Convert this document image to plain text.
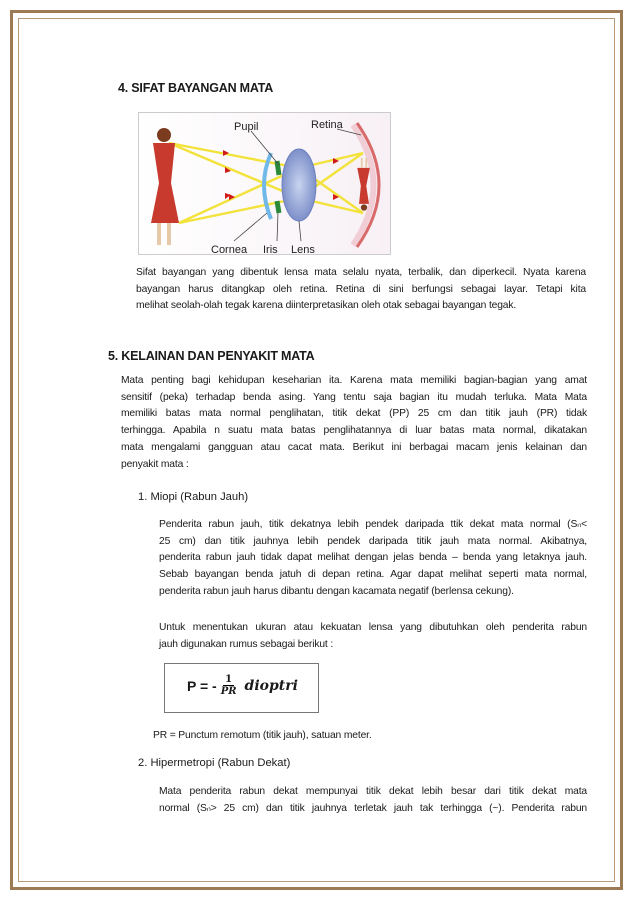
4. SIFAT BAYANGAN MATA
Pupil	Retina
Cornea Iris Lens
Sifat bayangan yang dibentuk lensa mata selalu nyata, terbalik, dan diperkecil. Nyata karena
bayangan harus ditangkap oleh retina. Retina di sini berfungsi sebagai layar. Tetapi kita
melihat seolah-olah tegak karena diinterpretasikan oleh otak sebagai bayangan tegak.
5. KELAINAN DAN PENYAKIT MATA
Mata penting bagi kehidupan keseharian ita. Karena mata memiliki bagian-bagian yang amat
sensitif (peka) terhadap benda asing. Yang tentu saja bagian itu mudah terluka. Mata Mata
memiliki batas mata normal penglihatan, titik dekat (PP) 25 cm dan titik jauh (PR) tidak
terhingga. Apabila n suatu mata batas penglihatannya di luar batas mata normal, dikatakan
mata mengalami gangguan atau cacat mata. Berikut ini berbagai macam jenis kelainan dan
penyakit mata :
1. Miopi (Rabun Jauh)
Penderita rabun jauh, titik dekatnya lebih pendek daripada ttik dekat mata normal (Sₙ<
25 cm) dan titik jauhnya lebih pendek daripada titik jauh mata normal. Akibatnya,
penderita rabun jauh tidak dapat melihat dengan jelas benda – benda yang letaknya jauh.
Sebab bayangan benda jatuh di depan retina. Agar dapat melihat seperti mata normal,
penderita rabun jauh harus dibantu dengan kacamata negatif (berlensa cekung).
Untuk menentukan ukuran atau kekuatan lensa yang dibutuhkan oleh penderita rabun
jauh digunakan rumus sebagai berikut :
P = - $\frac{1}{PR}$ dioptri
PR = Punctum remotum (titik jauh), satuan meter.
2. Hipermetropi (Rabun Dekat)
Mata penderita rabun dekat mempunyai titik dekat lebih besar dari titik dekat mata
normal (Sₙ> 25 cm) dan titik jauhnya terletak jauh tak terhingga (~). Penderita rabun
